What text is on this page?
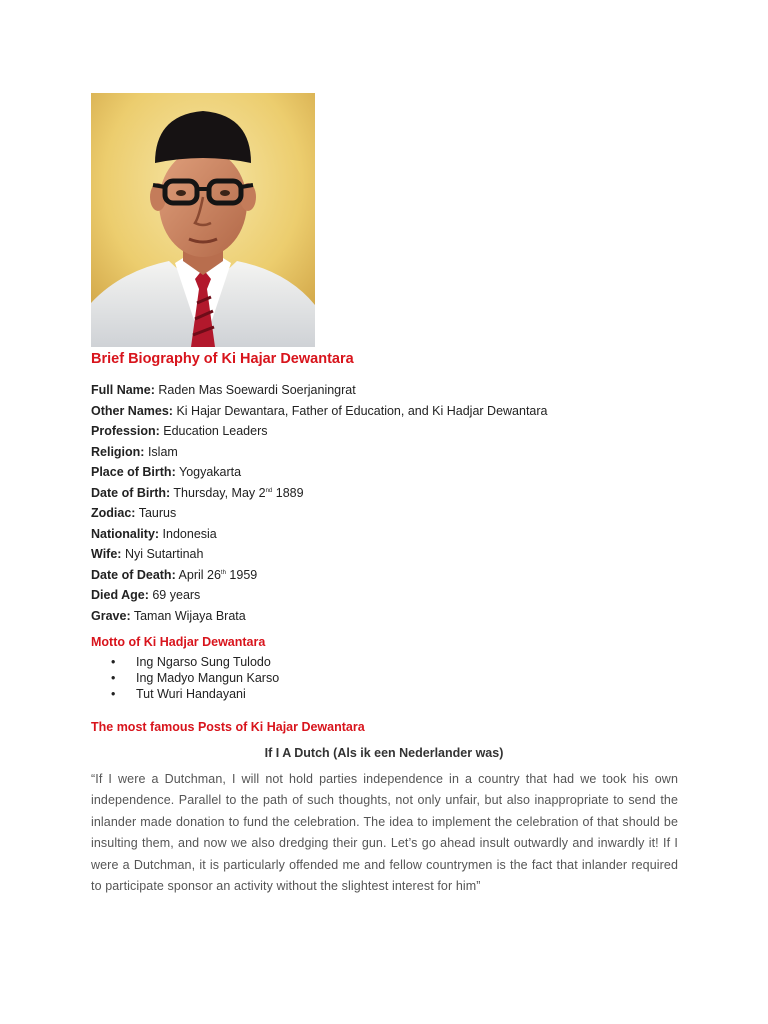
Brief Biography of Ki Hajar Dewantara
Full Name: Raden Mas Soewardi Soerjaningrat
Other Names: Ki Hajar Dewantara, Father of Education, and Ki Hadjar Dewantara
Profession: Education Leaders
Religion: Islam
Place of Birth: Yogyakarta
Date of Birth: Thursday, May 2nd 1889
Zodiac: Taurus
Nationality: Indonesia
Wife: Nyi Sutartinah
Date of Death: April 26th 1959
Died Age: 69 years
Grave: Taman Wijaya Brata
Motto of Ki Hadjar Dewantara
• Ing Ngarso Sung Tulodo
• Ing Madyo Mangun Karso
• Tut Wuri Handayani
The most famous Posts of Ki Hajar Dewantara
If I A Dutch (Als ik een Nederlander was)

“If I were a Dutchman, I will not hold parties independence in a country that had we took his own independence. Parallel to the path of such thoughts, not only unfair, but also inappropriate to send the inlander made donation to fund the celebration. The idea to implement the celebration of that should be insulting them, and now we also dredging their gun. Let’s go ahead insult outwardly and inwardly it! If I were a Dutchman, it is particularly offended me and fellow countrymen is the fact that inlander required to participate sponsor an activity without the slightest interest for him”
